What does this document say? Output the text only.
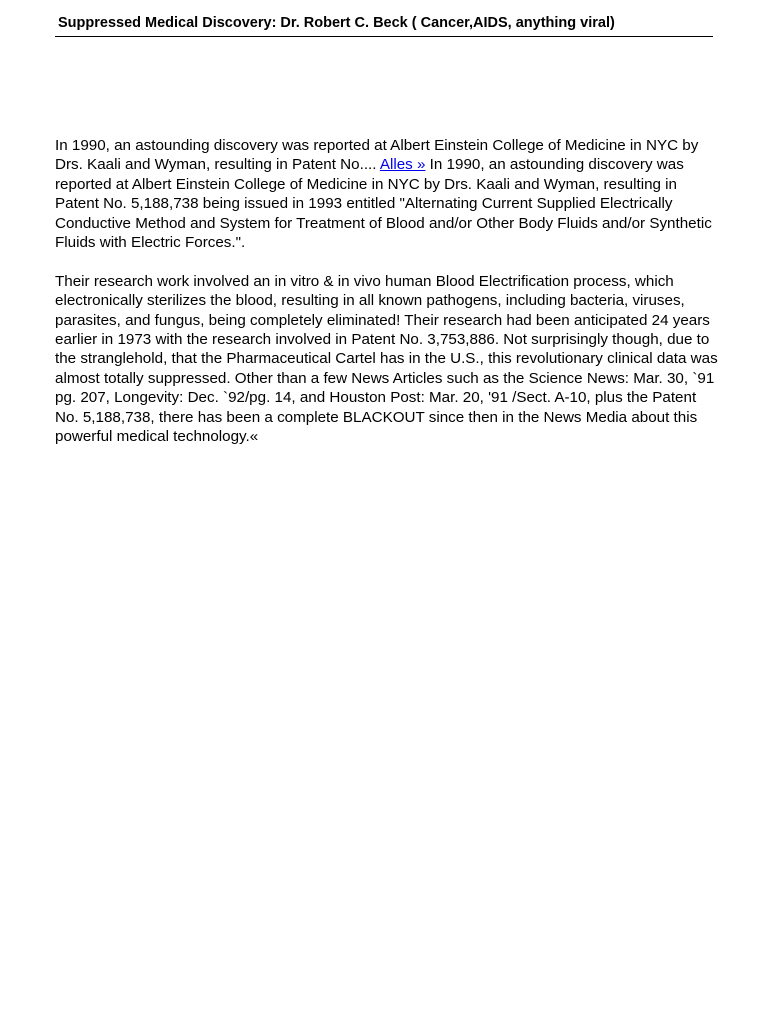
Suppressed Medical Discovery: Dr. Robert C. Beck ( Cancer,AIDS, anything viral)

In 1990, an astounding discovery was reported at Albert Einstein College of Medicine in NYC by Drs. Kaali and Wyman, resulting in Patent No.... Alles » In 1990, an astounding discovery was reported at Albert Einstein College of Medicine in NYC by Drs. Kaali and Wyman, resulting in Patent No. 5,188,738 being issued in 1993 entitled "Alternating Current Supplied Electrically Conductive Method and System for Treatment of Blood and/or Other Body Fluids and/or Synthetic Fluids with Electric Forces.".

Their research work involved an in vitro & in vivo human Blood Electrification process, which electronically sterilizes the blood, resulting in all known pathogens, including bacteria, viruses, parasites, and fungus, being completely eliminated! Their research had been anticipated 24 years earlier in 1973 with the research involved in Patent No. 3,753,886. Not surprisingly though, due to the stranglehold, that the Pharmaceutical Cartel has in the U.S., this revolutionary clinical data was almost totally suppressed. Other than a few News Articles such as the Science News: Mar. 30, `91 pg. 207, Longevity: Dec. `92/pg. 14, and Houston Post: Mar. 20, '91 /Sect. A-10, plus the Patent No. 5,188,738, there has been a complete BLACKOUT since then in the News Media about this powerful medical technology.«
